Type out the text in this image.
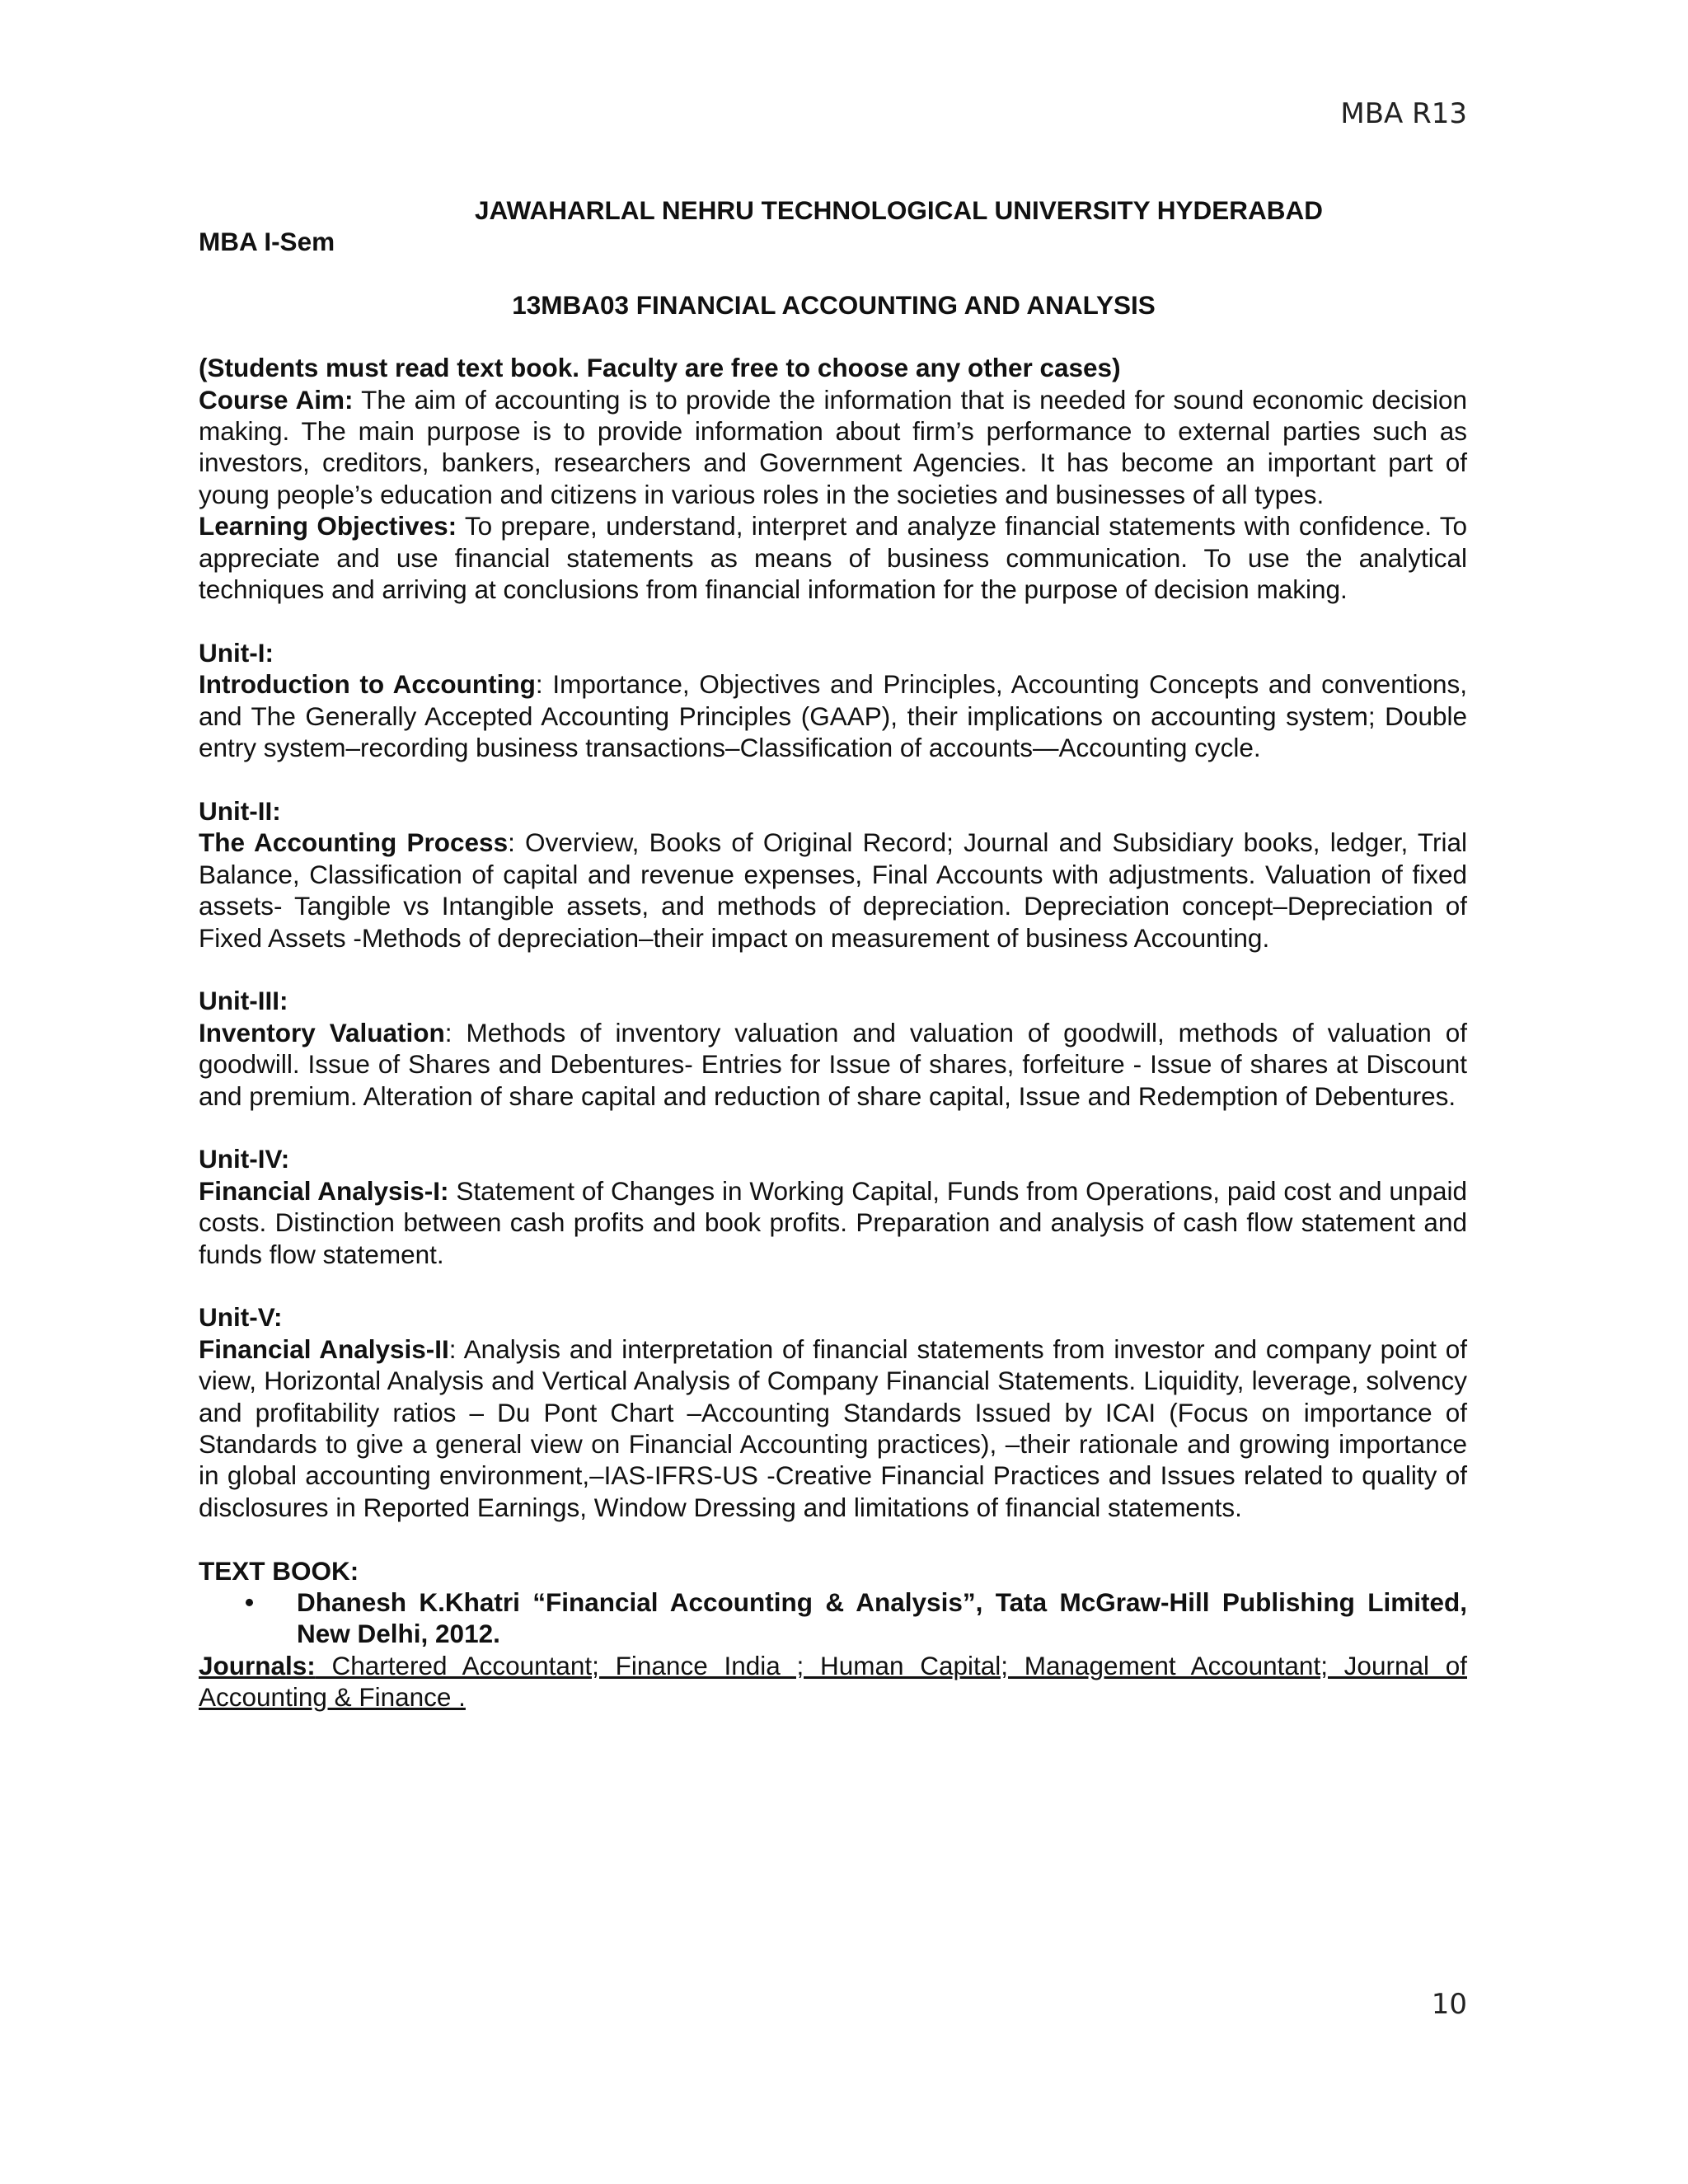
MBA R13
JAWAHARLAL NEHRU TECHNOLOGICAL UNIVERSITY HYDERABAD
MBA I-Sem
13MBA03 FINANCIAL ACCOUNTING AND ANALYSIS
(Students must read text book. Faculty are free to choose any other cases)

Course Aim: The aim of accounting is to provide the information that is needed for sound economic decision making. The main purpose is to provide information about firm’s performance to external parties such as investors, creditors, bankers, researchers and Government Agencies. It has become an important part of young people’s education and citizens in various roles in the societies and businesses of all types.

Learning Objectives: To prepare, understand, interpret and analyze financial statements with confidence. To appreciate and use financial statements as means of business communication. To use the analytical techniques and arriving at conclusions from financial information for the purpose of decision making.

Unit-I:

Introduction to Accounting: Importance, Objectives and Principles, Accounting Concepts and conventions, and The Generally Accepted Accounting Principles (GAAP), their implications on accounting system; Double entry system–recording business transactions–Classification of accounts—Accounting cycle.

Unit-II:

The Accounting Process: Overview, Books of Original Record; Journal and Subsidiary books, ledger, Trial Balance, Classification of capital and revenue expenses, Final Accounts with adjustments. Valuation of fixed assets- Tangible vs Intangible assets, and methods of depreciation. Depreciation concept–Depreciation of Fixed Assets -Methods of depreciation–their impact on measurement of business Accounting.

Unit-III:

Inventory Valuation: Methods of inventory valuation and valuation of goodwill, methods of valuation of goodwill. Issue of Shares and Debentures- Entries for Issue of shares, forfeiture - Issue of shares at Discount and premium. Alteration of share capital and reduction of share capital, Issue and Redemption of Debentures.

Unit-IV:

Financial Analysis-I: Statement of Changes in Working Capital, Funds from Operations, paid cost and unpaid costs. Distinction between cash profits and book profits. Preparation and analysis of cash flow statement and funds flow statement.

Unit-V:

Financial Analysis-II: Analysis and interpretation of financial statements from investor and company point of view, Horizontal Analysis and Vertical Analysis of Company Financial Statements. Liquidity, leverage, solvency and profitability ratios – Du Pont Chart –Accounting Standards Issued by ICAI (Focus on importance of Standards to give a general view on Financial Accounting practices), –their rationale and growing importance in global accounting environment,–IAS-IFRS-US -Creative Financial Practices and Issues related to quality of disclosures in Reported Earnings, Window Dressing and limitations of financial statements.

TEXT BOOK:
• Dhanesh K.Khatri “Financial Accounting & Analysis”, Tata McGraw-Hill Publishing Limited, New Delhi, 2012.

Journals: Chartered Accountant; Finance India ; Human Capital; Management Accountant; Journal of Accounting & Finance .

10
